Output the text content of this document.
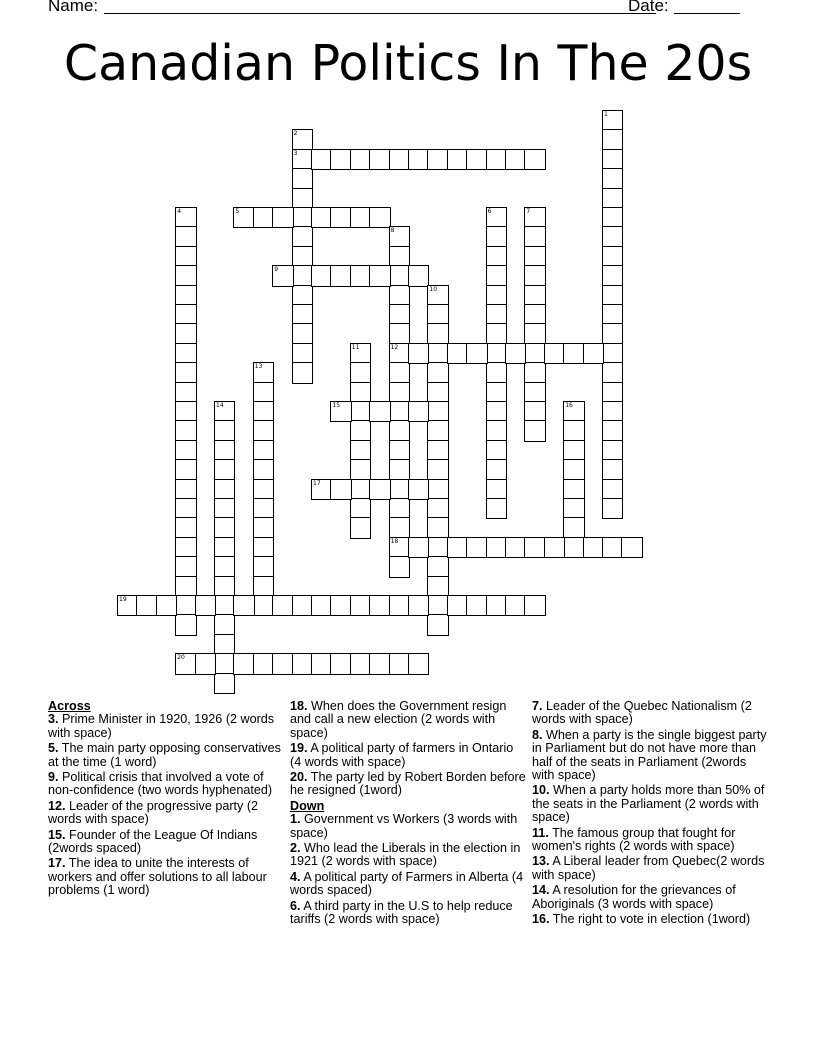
Name:	Date:
Canadian Politics In The 20s
1
2
3
4	5	6	7
8
12
18
9
10
11
13
14	15	16
17
19
20
Across
3. Prime Minister in 1920, 1926 (2 words with space)
5. The main party opposing conservatives at the time (1 word)
9. Political crisis that involved a vote of non-confidence (two words hyphenated)
12. Leader of the progressive party (2 words with space)
15. Founder of the League Of Indians (2words spaced)
17. The idea to unite the interests of workers and offer solutions to all labour problems (1 word)
18. When does the Government resign and call a new election (2 words with space)
19. A political party of farmers in Ontario (4 words with space)
20. The party led by Robert Borden before he resigned (1word)
Down
1. Government vs Workers (3 words with space)
2. Who lead the Liberals in the election in 1921 (2 words with space)
4. A political party of Farmers in Alberta (4 words spaced)
6. A third party in the U.S to help reduce tariffs (2 words with space)
7. Leader of the Quebec Nationalism (2 words with space)
8. When a party is the single biggest party in Parliament but do not have more than half of the seats in Parliament (2words with space)
10. When a party holds more than 50% of the seats in the Parliament (2 words with space)
11. The famous group that fought for women's rights (2 words with space)
13. A Liberal leader from Quebec(2 words with space)
14. A resolution for the grievances of Aboriginals (3 words with space)
16. The right to vote in election (1word)
